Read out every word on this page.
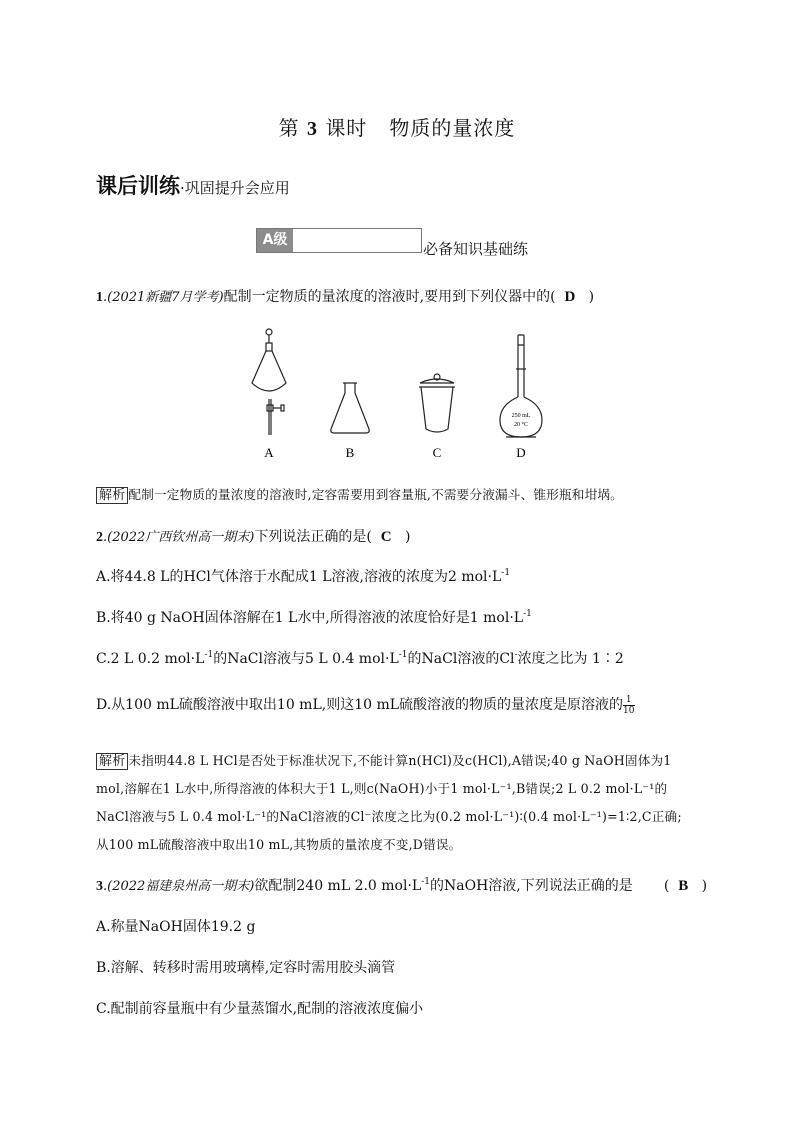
第 3 课时 物质的量浓度
课后训练·巩固提升会应用
A级	必备知识基础练
1.(2021新疆7月学考)配制一定物质的量浓度的溶液时,要用到下列仪器中的( D )
250 mL
20 °C
A	B	C	D
解析 配制一定物质的量浓度的溶液时,定容需要用到容量瓶,不需要分液漏斗、锥形瓶和坩埚。
2.(2022广西钦州高一期末)下列说法正确的是( C )
A.将44.8 L的HCl气体溶于水配成1 L溶液,溶液的浓度为2 $mol\cdot L^{-1}$
B.将40 g NaOH固体溶解在1 L水中,所得溶液的浓度恰好是1 $mol\cdot L^{-1}$
C.2 L 0.2 $mol\cdot L^{-1}$的NaCl溶液与5 L 0.4 $mol\cdot L^{-1}$的NaCl溶液的Cl-浓度之比为 1∶2
D.从100 mL硫酸溶液中取出10 mL,则这10 mL硫酸溶液的物质的量浓度是原溶液的 $\frac{1}{10}$
解析 未指明44.8 L HCl是否处于标准状况下,不能计算n(HCl)及c(HCl),A错误;40 g NaOH固体为1
mol,溶解在1 L水中,所得溶液的体积大于1 L,则c(NaOH)小于1 mol·L⁻¹,B错误;2 L 0.2 mol·L⁻¹的
NaCl溶液与5 L 0.4 mol·L⁻¹的NaCl溶液的Cl⁻浓度之比为(0.2 mol·L⁻¹)∶(0.4 mol·L⁻¹)=1∶2,C正确;
从100 mL硫酸溶液中取出10 mL,其物质的量浓度不变,D错误。
3.(2022福建泉州高一期末)欲配制240 mL 2.0 $mol\cdot L^{-1}$的NaOH溶液,下列说法正确的是 ( B )
A.称量NaOH固体19.2 g
B.溶解、转移时需用玻璃棒,定容时需用胶头滴管
C.配制前容量瓶中有少量蒸馏水,配制的溶液浓度偏小
